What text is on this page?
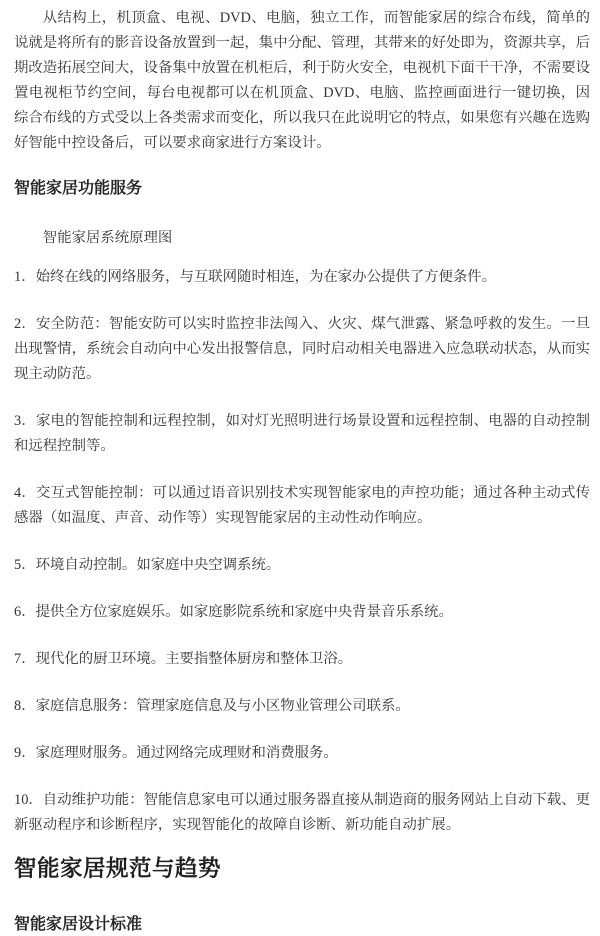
从结构上，机顶盒、电视、DVD、电脑，独立工作，而智能家居的综合布线，简单的说就是将所有的影音设备放置到一起，集中分配、管理，其带来的好处即为，资源共享，后期改造拓展空间大，设备集中放置在机柜后，利于防火安全，电视机下面干干净，不需要设置电视柜节约空间，每台电视都可以在机顶盒、DVD、电脑、监控画面进行一键切换，因综合布线的方式受以上各类需求而变化，所以我只在此说明它的特点，如果您有兴趣在选购好智能中控设备后，可以要求商家进行方案设计。

智能家居功能服务

智能家居系统原理图

1．始终在线的网络服务，与互联网随时相连，为在家办公提供了方便条件。

2．安全防范：智能安防可以实时监控非法闯入、火灾、煤气泄露、紧急呼救的发生。一旦出现警情，系统会自动向中心发出报警信息，同时启动相关电器进入应急联动状态，从而实现主动防范。

3．家电的智能控制和远程控制，如对灯光照明进行场景设置和远程控制、电器的自动控制和远程控制等。

4．交互式智能控制：可以通过语音识别技术实现智能家电的声控功能；通过各种主动式传感器（如温度、声音、动作等）实现智能家居的主动性动作响应。

5．环境自动控制。如家庭中央空调系统。

6．提供全方位家庭娱乐。如家庭影院系统和家庭中央背景音乐系统。

7．现代化的厨卫环境。主要指整体厨房和整体卫浴。

8．家庭信息服务：管理家庭信息及与小区物业管理公司联系。

9．家庭理财服务。通过网络完成理财和消费服务。

10．自动维护功能：智能信息家电可以通过服务器直接从制造商的服务网站上自动下载、更新驱动程序和诊断程序，实现智能化的故障自诊断、新功能自动扩展。

智能家居规范与趋势
智能家居设计标准
